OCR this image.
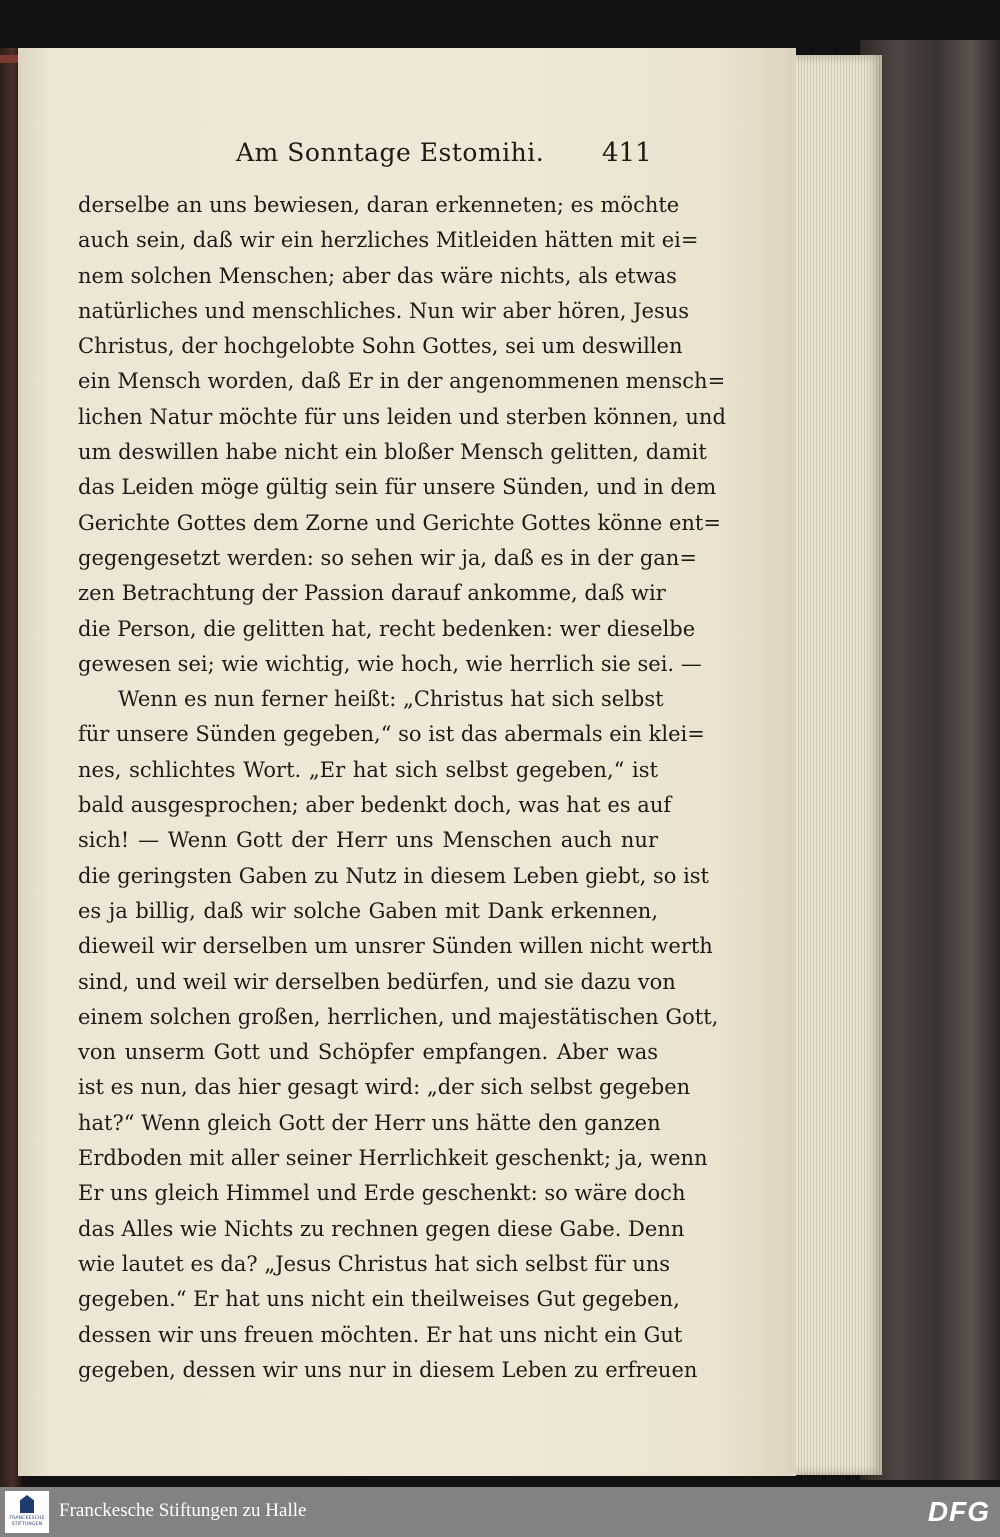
Am Sonntage Estomihi. 411
derselbe an uns bewiesen, daran erkenneten; es möchte
auch sein, daß wir ein herzliches Mitleiden hätten mit ei=
nem solchen Menschen; aber das wäre nichts, als etwas
natürliches und menschliches. Nun wir aber hören, Jesus
Christus, der hochgelobte Sohn Gottes, sei um deswillen
ein Mensch worden, daß Er in der angenommenen mensch=
lichen Natur möchte für uns leiden und sterben können, und
um deswillen habe nicht ein bloßer Mensch gelitten, damit
das Leiden möge gültig sein für unsere Sünden, und in dem
Gerichte Gottes dem Zorne und Gerichte Gottes könne ent=
gegengesetzt werden: so sehen wir ja, daß es in der gan=
zen Betrachtung der Passion darauf ankomme, daß wir
die Person, die gelitten hat, recht bedenken: wer dieselbe
gewesen sei; wie wichtig, wie hoch, wie herrlich sie sei. —
Wenn es nun ferner heißt: „Christus hat sich selbst
für unsere Sünden gegeben,“ so ist das abermals ein klei=
nes, schlichtes Wort. „Er hat sich selbst gegeben,“ ist
bald ausgesprochen; aber bedenkt doch, was hat es auf
sich! — Wenn Gott der Herr uns Menschen auch nur
die geringsten Gaben zu Nutz in diesem Leben giebt, so ist
es ja billig, daß wir solche Gaben mit Dank erkennen,
dieweil wir derselben um unsrer Sünden willen nicht werth
sind, und weil wir derselben bedürfen, und sie dazu von
einem solchen großen, herrlichen, und majestätischen Gott,
von unserm Gott und Schöpfer empfangen. Aber was
ist es nun, das hier gesagt wird: „der sich selbst gegeben
hat?“ Wenn gleich Gott der Herr uns hätte den ganzen
Erdboden mit aller seiner Herrlichkeit geschenkt; ja, wenn
Er uns gleich Himmel und Erde geschenkt: so wäre doch
das Alles wie Nichts zu rechnen gegen diese Gabe. Denn
wie lautet es da? „Jesus Christus hat sich selbst für uns
gegeben.“ Er hat uns nicht ein theilweises Gut gegeben,
dessen wir uns freuen möchten. Er hat uns nicht ein Gut
gegeben, dessen wir uns nur in diesem Leben zu erfreuen
FRANCKESCHE
STIFTUNGEN
Franckesche Stiftungen zu Halle	DFG
